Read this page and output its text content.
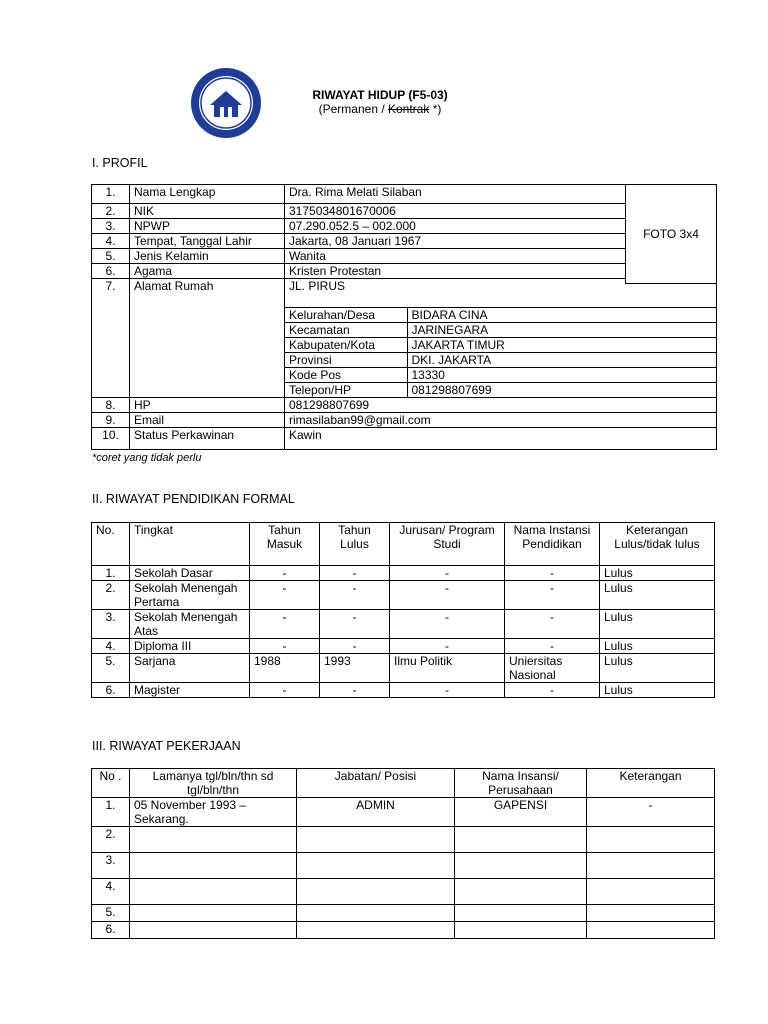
RIWAYAT HIDUP (F5-03)
(Permanen / Kontrak *)
I. PROFIL
1.	Nama Lengkap	Dra. Rima Melati Silaban
2.	NIK	3175034801670006
3.	NPWP	07.290.052.5 – 002.000
4.	Tempat, Tanggal Lahir	Jakarta, 08 Januari 1967
5.	Jenis Kelamin	Wanita
6.	Agama	Kristen Protestan
7.	Alamat Rumah	JL. PIRUS
Kelurahan/Desa	BIDARA CINA
Kecamatan	JARINEGARA
Kabupaten/Kota	JAKARTA TIMUR
Provinsi	DKI. JAKARTA
Kode Pos	13330
Telepon/HP	081298807699

8.	HP	081298807699
9.	Email	rimasilaban99@gmail.com
10.	Status Perkawinan	Kawin
FOTO 3x4
*coret yang tidak perlu
II. RIWAYAT PENDIDIKAN FORMAL
No.	Tingkat	Tahun Masuk	Tahun Lulus	Jurusan/ Program Studi	Nama Instansi Pendidikan	Keterangan Lulus/tidak lulus
1.	Sekolah Dasar	-	-	-	-	Lulus
2.	Sekolah Menengah Pertama	-	-	-	-	Lulus
3.	Sekolah Menengah Atas	-	-	-	-	Lulus
4.	Diploma III	-	-	-	-	Lulus
5.	Sarjana	1988	1993	Ilmu Politik	Uniersitas Nasional	Lulus
6.	Magister	-	-	-	-	Lulus
III. RIWAYAT PEKERJAAN
No .	Lamanya tgl/bln/thn sd tgl/bln/thn	Jabatan/ Posisi	Nama Insansi/ Perusahaan	Keterangan
1.	05 November 1993 – Sekarang.	ADMIN	GAPENSI	-
2.				
3.				
4.				
5.				
6.				
